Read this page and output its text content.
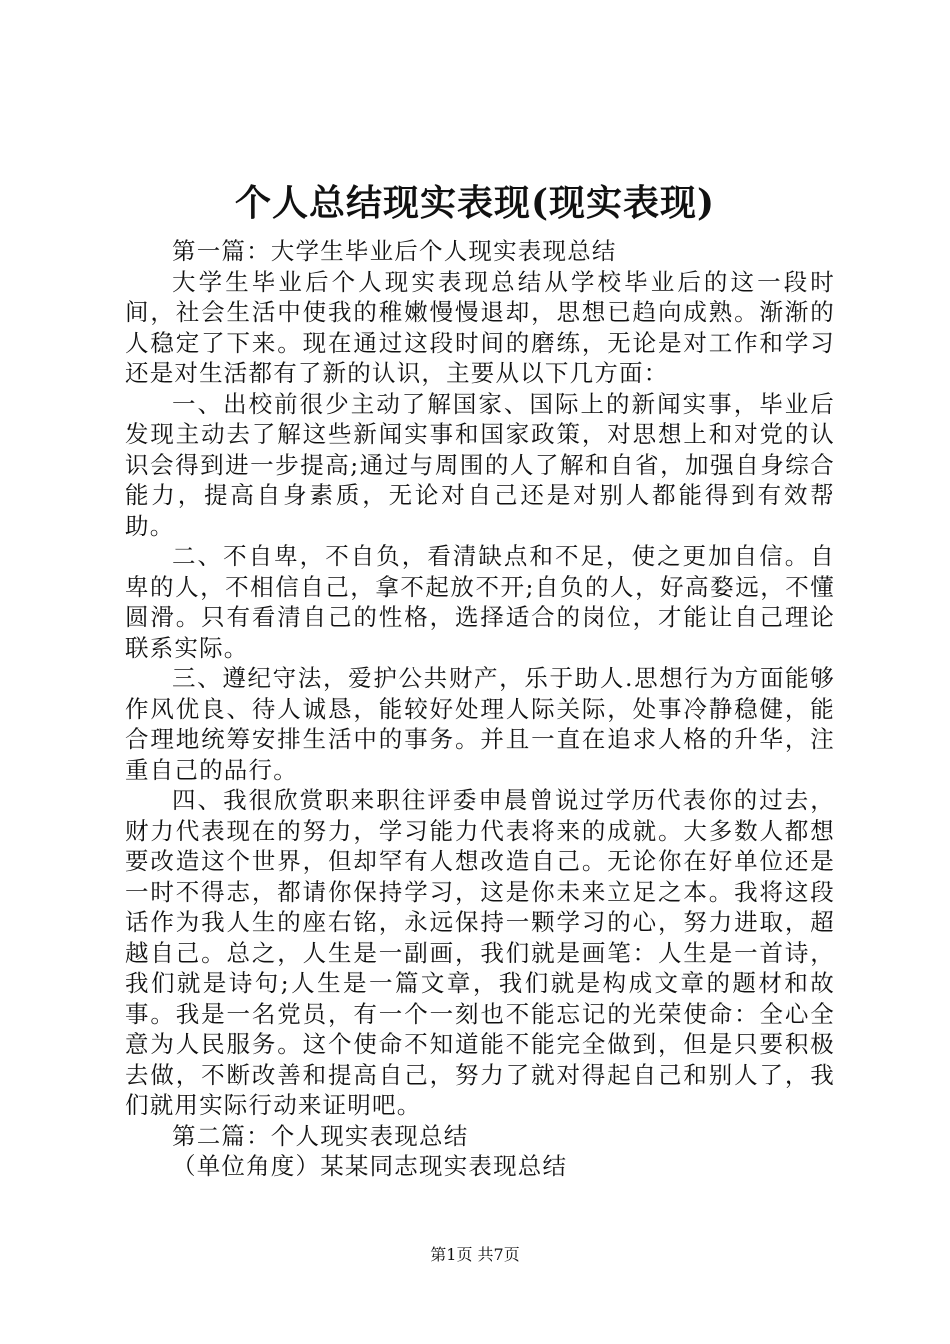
个人总结现实表现(现实表现)

第一篇：大学生毕业后个人现实表现总结

大学生毕业后个人现实表现总结从学校毕业后的这一段时间，社会生活中使我的稚嫩慢慢退却，思想已趋向成熟。渐渐的人稳定了下来。现在通过这段时间的磨练，无论是对工作和学习还是对生活都有了新的认识，主要从以下几方面：

一、出校前很少主动了解国家、国际上的新闻实事，毕业后发现主动去了解这些新闻实事和国家政策，对思想上和对党的认识会得到进一步提高;通过与周围的人了解和自省，加强自身综合能力，提高自身素质，无论对自己还是对别人都能得到有效帮助。

二、不自卑，不自负，看清缺点和不足，使之更加自信。自卑的人，不相信自己，拿不起放不开;自负的人，好高婺远，不懂圆滑。只有看清自己的性格，选择适合的岗位，才能让自己理论联系实际。

三、遵纪守法，爱护公共财产，乐于助人.思想行为方面能够作风优良、待人诚恳，能较好处理人际关际，处事冷静稳健，能合理地统筹安排生活中的事务。并且一直在追求人格的升华，注重自己的品行。

四、我很欣赏职来职往评委申晨曾说过学历代表你的过去，财力代表现在的努力，学习能力代表将来的成就。大多数人都想要改造这个世界，但却罕有人想改造自己。无论你在好单位还是一时不得志，都请你保持学习，这是你未来立足之本。我将这段话作为我人生的座右铭，永远保持一颗学习的心，努力进取，超越自己。总之，人生是一副画，我们就是画笔：人生是一首诗，我们就是诗句;人生是一篇文章，我们就是构成文章的题材和故事。我是一名党员，有一个一刻也不能忘记的光荣使命：全心全意为人民服务。这个使命不知道能不能完全做到，但是只要积极去做，不断改善和提高自己，努力了就对得起自己和别人了，我们就用实际行动来证明吧。

第二篇：个人现实表现总结

（单位角度）某某同志现实表现总结

第1页 共7页
